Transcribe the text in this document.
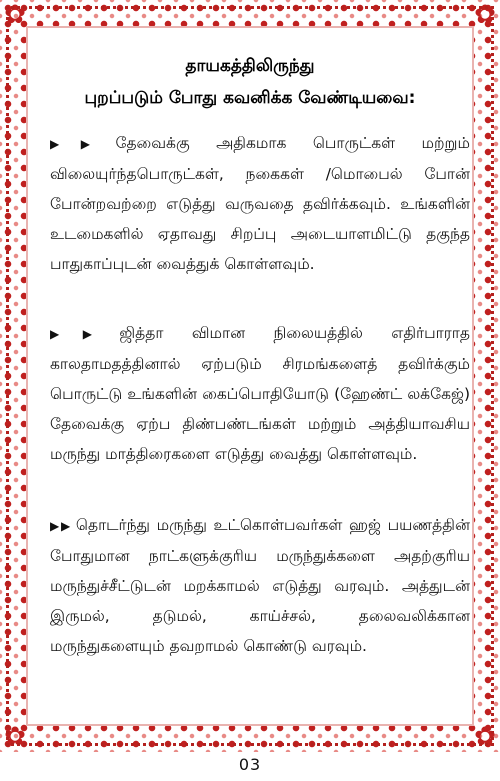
✿	✿
✿	✿
தாயகத்திலிருந்து
புறப்படும் போது கவனிக்க வேண்டியவை:
▶▶ தேவைக்கு அதிகமாக பொருட்கள் மற்றும் விலையுர்ந்தபொருட்கள், நகைகள் /மொபைல் போன் போன்றவற்றை எடுத்து வருவதை தவிர்க்கவும். உங்களின் உடமைகளில் ஏதாவது சிறப்பு அடையாளமிட்டு தகுந்த பாதுகாப்புடன் வைத்துக் கொள்ளவும்.
▶▶ ஜித்தா விமான நிலையத்தில் எதிர்பாராத காலதாமதத்தினால் ஏற்படும் சிரமங்களைத் தவிர்க்கும் பொருட்டு உங்களின் கைப்பொதியோடு (ஹேண்ட் லக்கேஜ்) தேவைக்கு ஏற்ப திண்பண்டங்கள் மற்றும் அத்தியாவசிய மருந்து மாத்திரைகளை எடுத்து வைத்து கொள்ளவும்.
▶▶ தொடர்ந்து மருந்து உட்கொள்பவர்கள் ஹஜ் பயணத்தின் போதுமான நாட்களுக்குரிய மருந்துக்களை அதற்குரிய மருந்துச்சீட்டுடன் மறக்காமல் எடுத்து வரவும். அத்துடன் இருமல், தடுமல், காய்ச்சல், தலைவலிக்கான மருந்துகளையும் தவறாமல் கொண்டு வரவும்.
03
